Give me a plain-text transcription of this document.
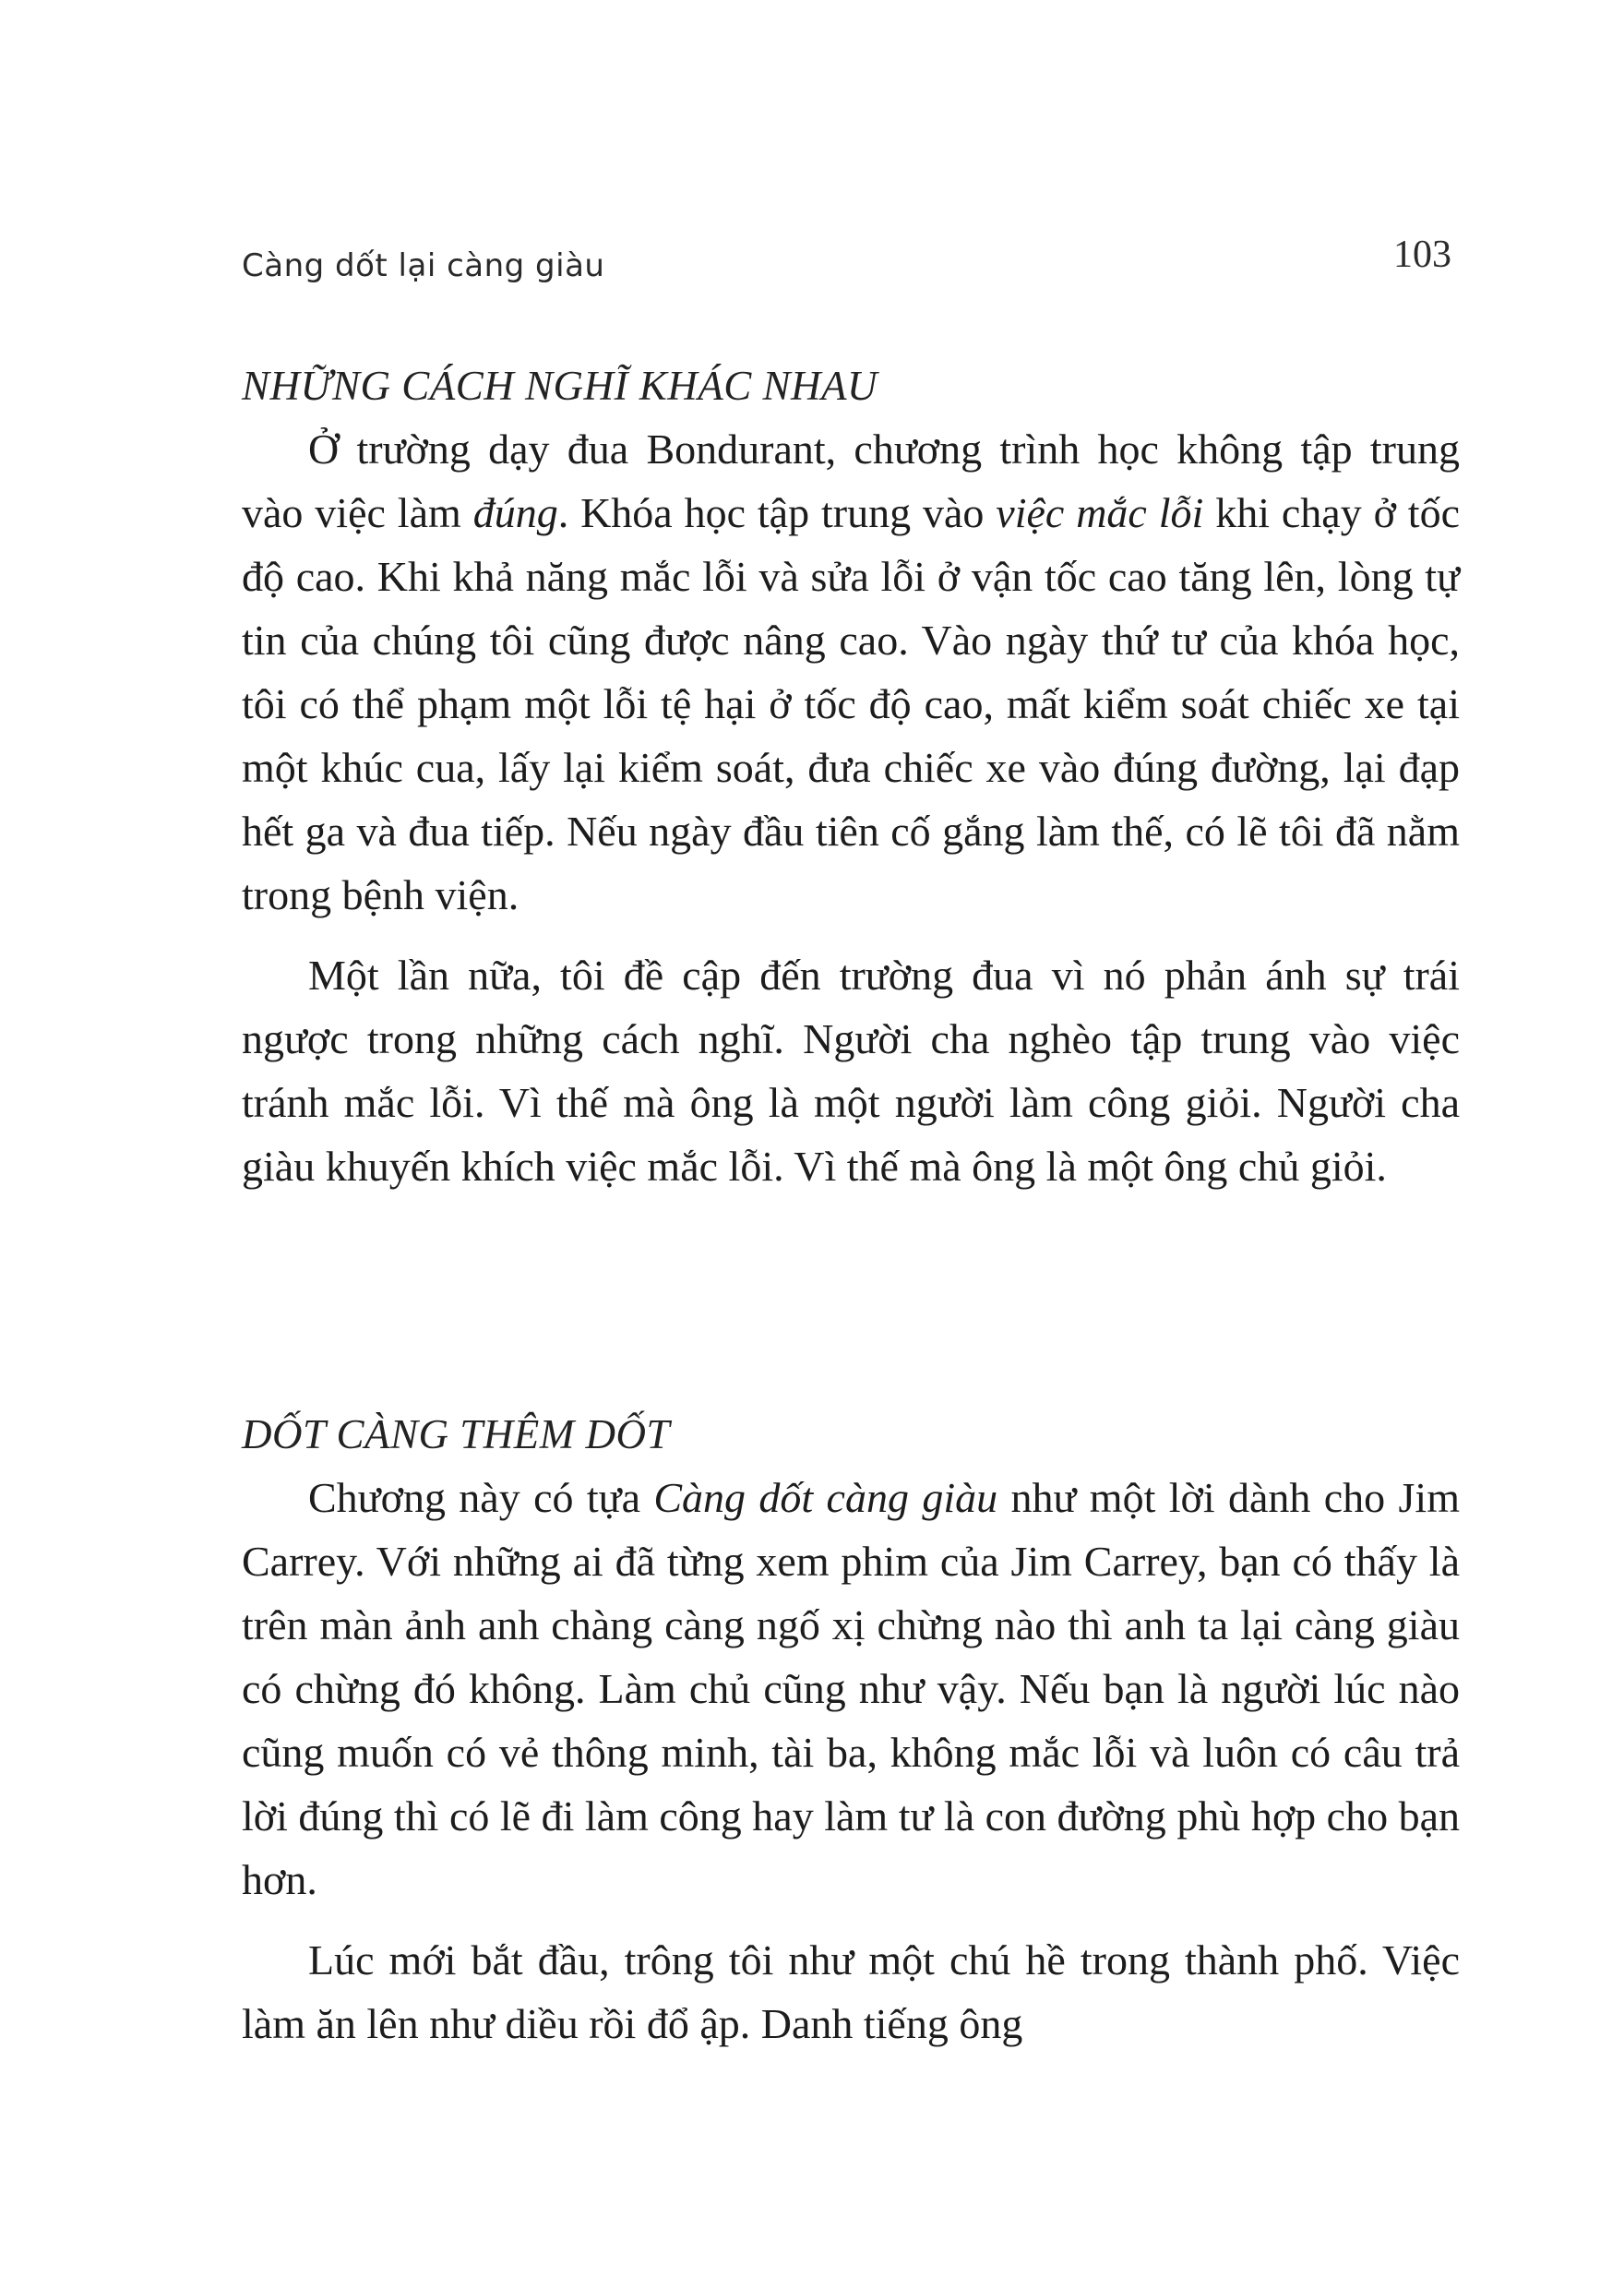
Càng dốt lại càng giàu	103
NHỮNG CÁCH NGHĨ KHÁC NHAU

Ở trường dạy đua Bondurant, chương trình học không tập trung vào việc làm đúng. Khóa học tập trung vào việc mắc lỗi khi chạy ở tốc độ cao. Khi khả năng mắc lỗi và sửa lỗi ở vận tốc cao tăng lên, lòng tự tin của chúng tôi cũng được nâng cao. Vào ngày thứ tư của khóa học, tôi có thể phạm một lỗi tệ hại ở tốc độ cao, mất kiểm soát chiếc xe tại một khúc cua, lấy lại kiểm soát, đưa chiếc xe vào đúng đường, lại đạp hết ga và đua tiếp. Nếu ngày đầu tiên cố gắng làm thế, có lẽ tôi đã nằm trong bệnh viện.

Một lần nữa, tôi đề cập đến trường đua vì nó phản ánh sự trái ngược trong những cách nghĩ. Người cha nghèo tập trung vào việc tránh mắc lỗi. Vì thế mà ông là một người làm công giỏi. Người cha giàu khuyến khích việc mắc lỗi. Vì thế mà ông là một ông chủ giỏi.

DỐT CÀNG THÊM DỐT

Chương này có tựa Càng dốt càng giàu như một lời dành cho Jim Carrey. Với những ai đã từng xem phim của Jim Carrey, bạn có thấy là trên màn ảnh anh chàng càng ngố xị chừng nào thì anh ta lại càng giàu có chừng đó không. Làm chủ cũng như vậy. Nếu bạn là người lúc nào cũng muốn có vẻ thông minh, tài ba, không mắc lỗi và luôn có câu trả lời đúng thì có lẽ đi làm công hay làm tư là con đường phù hợp cho bạn hơn.

Lúc mới bắt đầu, trông tôi như một chú hề trong thành phố. Việc làm ăn lên như diều rồi đổ ập. Danh tiếng ông
